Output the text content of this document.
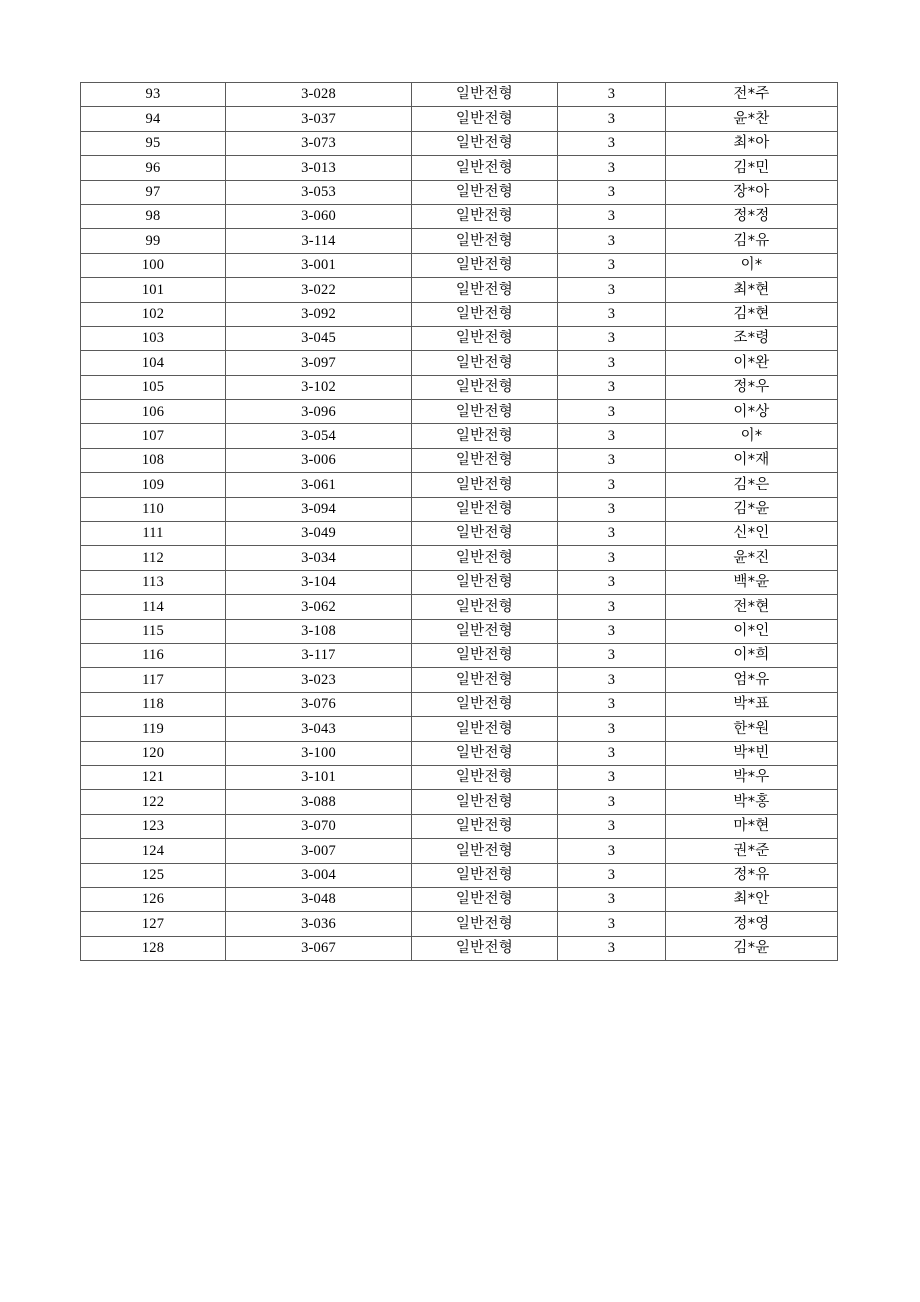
93	3-028	일반전형	3	전*주
94	3-037	일반전형	3	윤*찬
95	3-073	일반전형	3	최*아
96	3-013	일반전형	3	김*민
97	3-053	일반전형	3	장*아
98	3-060	일반전형	3	정*정
99	3-114	일반전형	3	김*유
100	3-001	일반전형	3	이*
101	3-022	일반전형	3	최*현
102	3-092	일반전형	3	김*현
103	3-045	일반전형	3	조*령
104	3-097	일반전형	3	이*완
105	3-102	일반전형	3	정*우
106	3-096	일반전형	3	이*상
107	3-054	일반전형	3	이*
108	3-006	일반전형	3	이*재
109	3-061	일반전형	3	김*은
110	3-094	일반전형	3	김*윤
111	3-049	일반전형	3	신*인
112	3-034	일반전형	3	윤*진
113	3-104	일반전형	3	백*윤
114	3-062	일반전형	3	전*현
115	3-108	일반전형	3	이*인
116	3-117	일반전형	3	이*희
117	3-023	일반전형	3	엄*유
118	3-076	일반전형	3	박*표
119	3-043	일반전형	3	한*원
120	3-100	일반전형	3	박*빈
121	3-101	일반전형	3	박*우
122	3-088	일반전형	3	박*홍
123	3-070	일반전형	3	마*현
124	3-007	일반전형	3	권*준
125	3-004	일반전형	3	정*유
126	3-048	일반전형	3	최*안
127	3-036	일반전형	3	정*영
128	3-067	일반전형	3	김*윤
